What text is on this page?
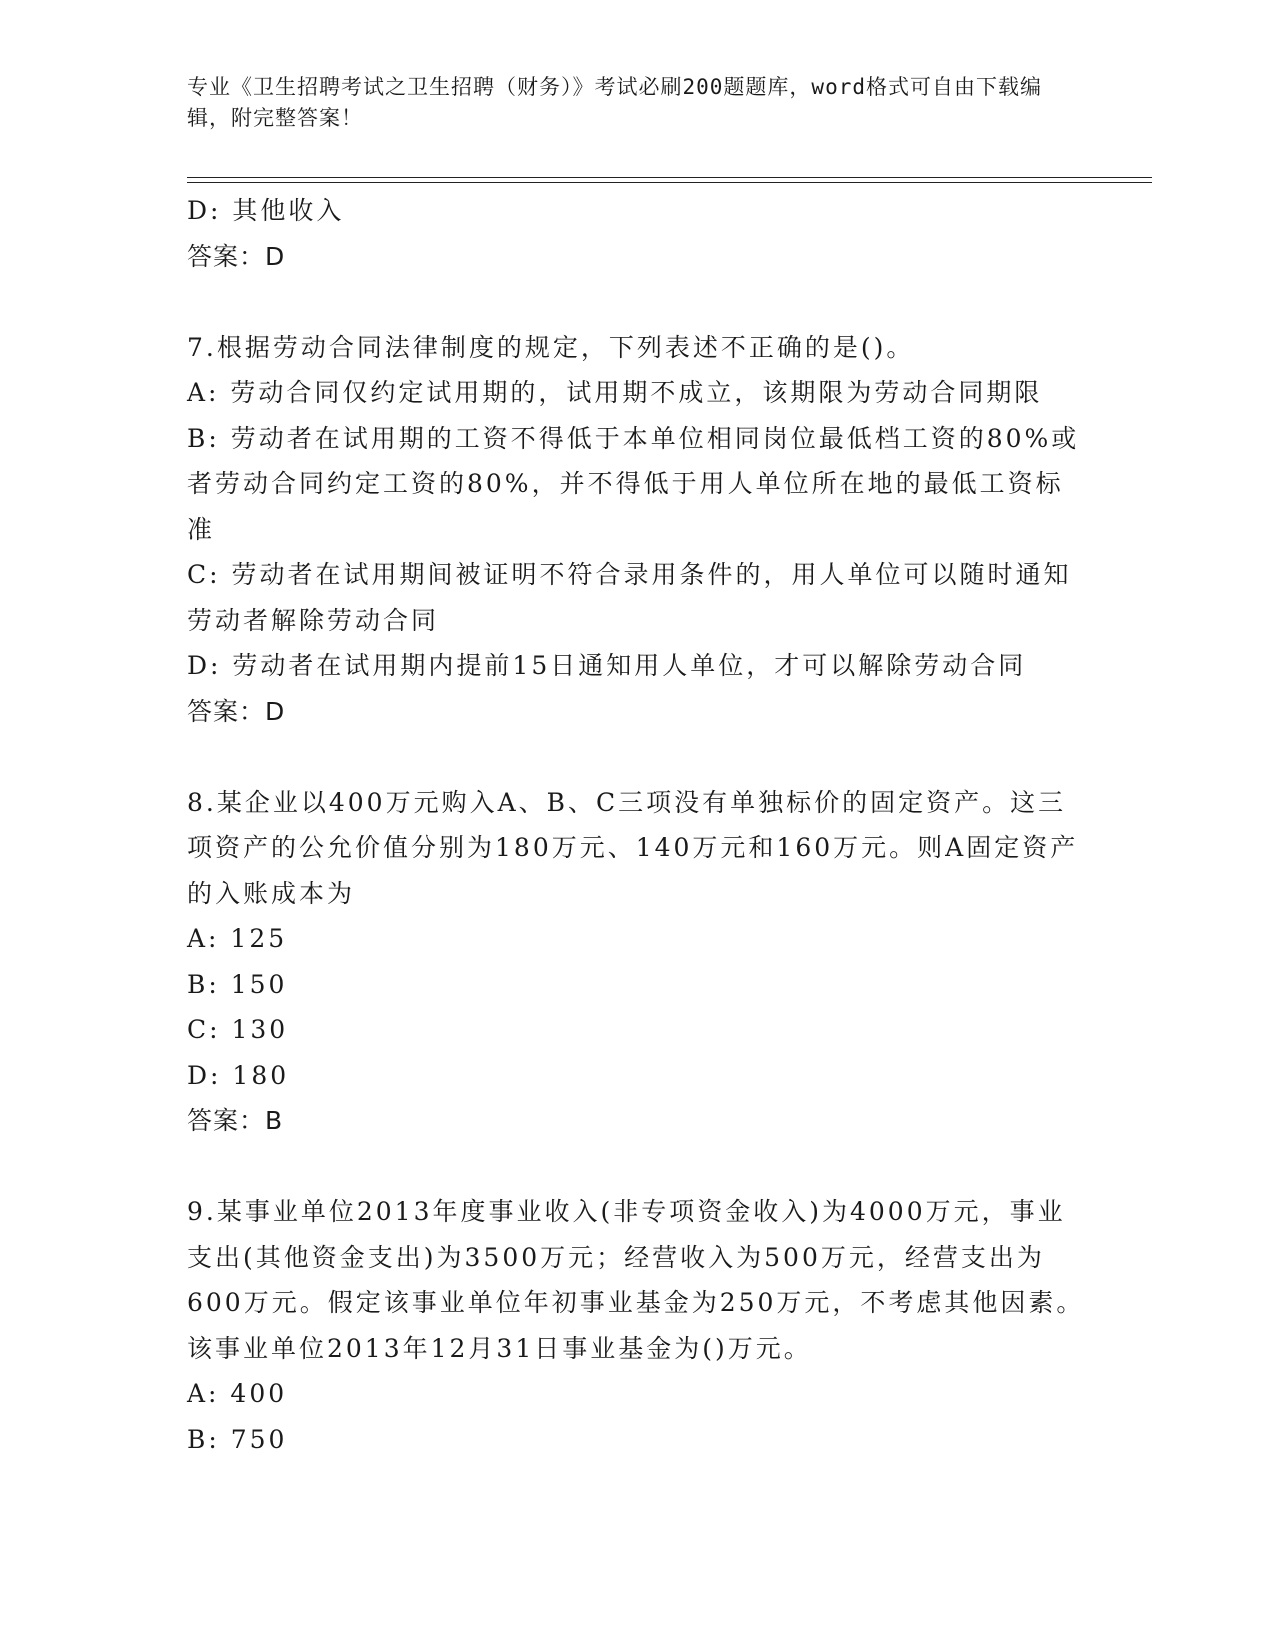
专业《卫生招聘考试之卫生招聘（财务）》考试必刷200题题库，word格式可自由下载编辑，附完整答案！

D: 其他收入

答案：D

7.根据劳动合同法律制度的规定，下列表述不正确的是()。

A: 劳动合同仅约定试用期的，试用期不成立，该期限为劳动合同期限

B: 劳动者在试用期的工资不得低于本单位相同岗位最低档工资的80%或者劳动合同约定工资的80%，并不得低于用人单位所在地的最低工资标准

C: 劳动者在试用期间被证明不符合录用条件的，用人单位可以随时通知劳动者解除劳动合同

D: 劳动者在试用期内提前15日通知用人单位，才可以解除劳动合同

答案：D

8.某企业以400万元购入A、B、C三项没有单独标价的固定资产。这三项资产的公允价值分别为180万元、140万元和160万元。则A固定资产的入账成本为

A: 125

B: 150

C: 130

D: 180

答案：B

9.某事业单位2013年度事业收入(非专项资金收入)为4000万元，事业支出(其他资金支出)为3500万元；经营收入为500万元，经营支出为600万元。假定该事业单位年初事业基金为250万元，不考虑其他因素。该事业单位2013年12月31日事业基金为()万元。

A: 400

B: 750
